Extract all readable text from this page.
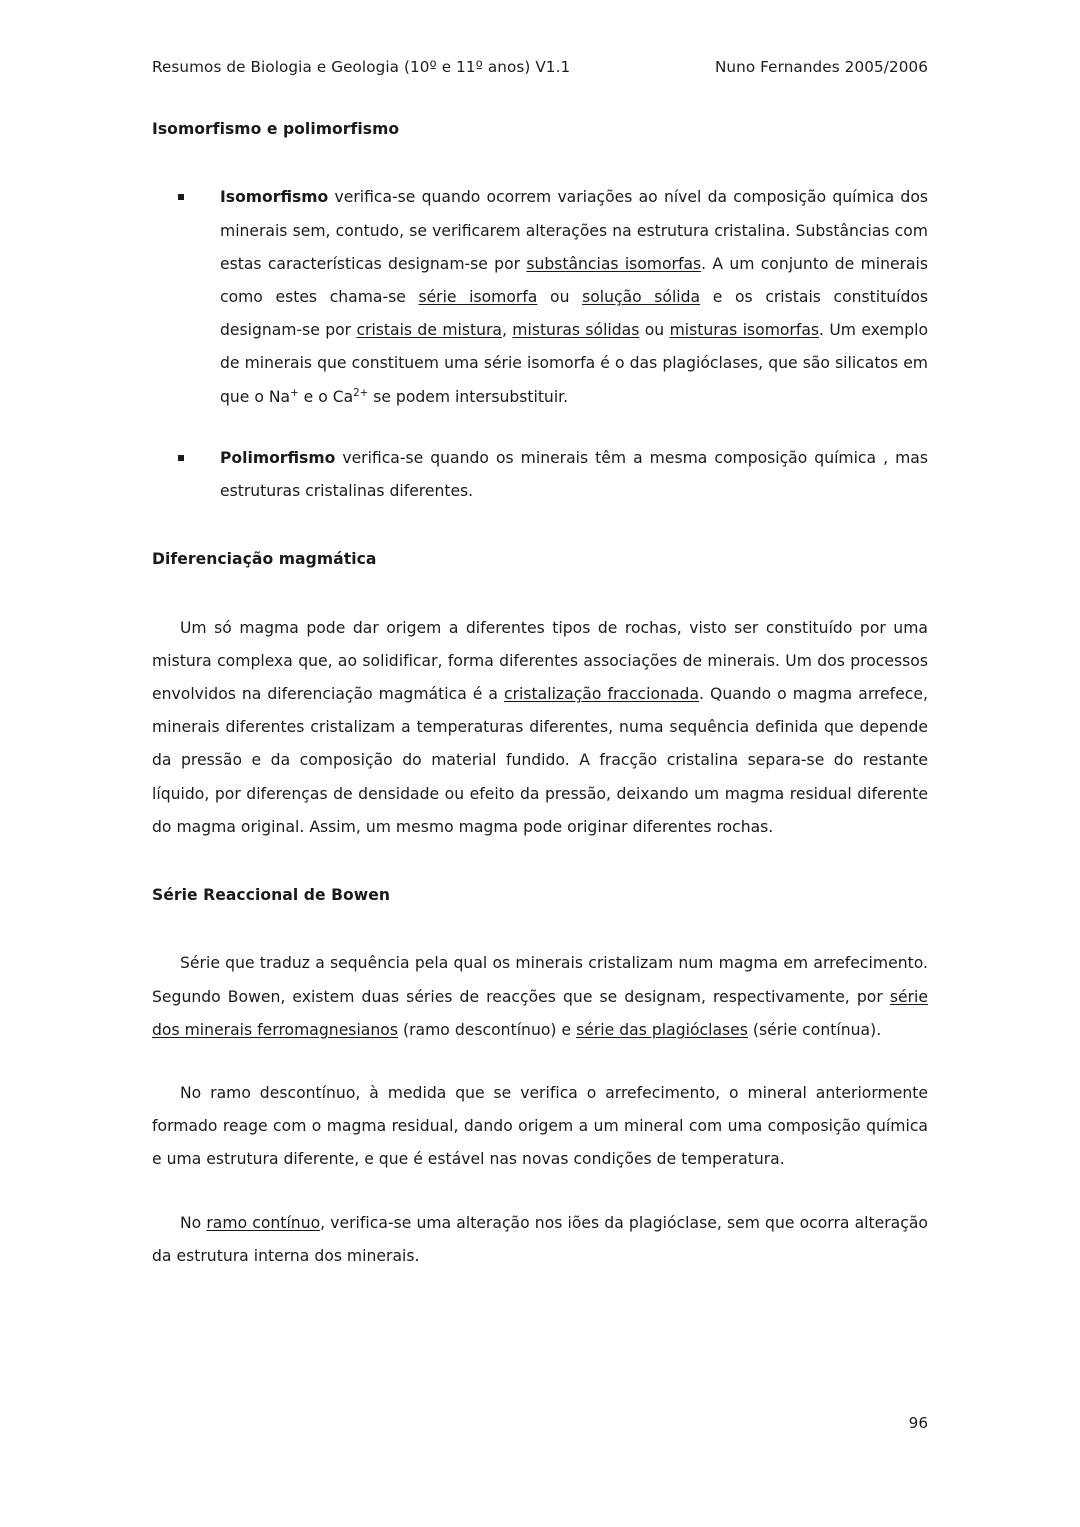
Resumos de Biologia e Geologia (10º e 11º anos) V1.1	Nuno Fernandes 2005/2006
Isomorfismo e polimorfismo
Isomorfismo verifica-se quando ocorrem variações ao nível da composição química dos minerais sem, contudo, se verificarem alterações na estrutura cristalina. Substâncias com estas características designam-se por substâncias isomorfas. A um conjunto de minerais como estes chama-se série isomorfa ou solução sólida e os cristais constituídos designam-se por cristais de mistura, misturas sólidas ou misturas isomorfas. Um exemplo de minerais que constituem uma série isomorfa é o das plagióclases, que são silicatos em que o Na+ e o $Ca^{2+}$ se podem intersubstituir.
Polimorfismo verifica-se quando os minerais têm a mesma composição química , mas estruturas cristalinas diferentes.
Diferenciação magmática

Um só magma pode dar origem a diferentes tipos de rochas, visto ser constituído por uma mistura complexa que, ao solidificar, forma diferentes associações de minerais. Um dos processos envolvidos na diferenciação magmática é a cristalização fraccionada. Quando o magma arrefece, minerais diferentes cristalizam a temperaturas diferentes, numa sequência definida que depende da pressão e da composição do material fundido. A fracção cristalina separa-se do restante líquido, por diferenças de densidade ou efeito da pressão, deixando um magma residual diferente do magma original. Assim, um mesmo magma pode originar diferentes rochas.

Série Reaccional de Bowen

Série que traduz a sequência pela qual os minerais cristalizam num magma em arrefecimento. Segundo Bowen, existem duas séries de reacções que se designam, respectivamente, por série dos minerais ferromagnesianos (ramo descontínuo) e série das plagióclases (série contínua).

No ramo descontínuo, à medida que se verifica o arrefecimento, o mineral anteriormente formado reage com o magma residual, dando origem a um mineral com uma composição química e uma estrutura diferente, e que é estável nas novas condições de temperatura.

No ramo contínuo, verifica-se uma alteração nos iões da plagióclase, sem que ocorra alteração da estrutura interna dos minerais.

96
